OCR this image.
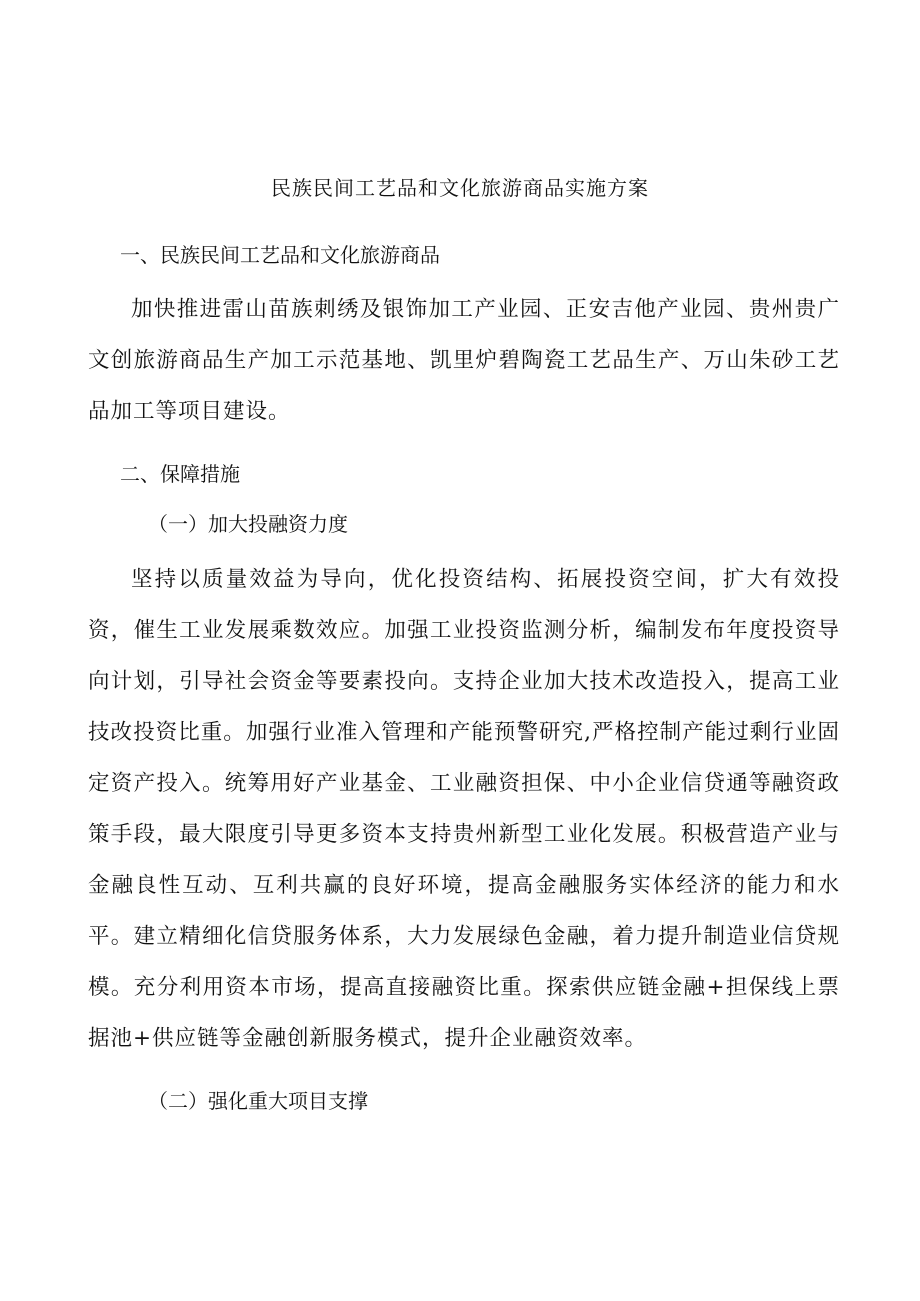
民族民间工艺品和文化旅游商品实施方案
一、民族民间工艺品和文化旅游商品

加快推进雷山苗族刺绣及银饰加工产业园、正安吉他产业园、贵州贵广文创旅游商品生产加工示范基地、凯里炉碧陶瓷工艺品生产、万山朱砂工艺品加工等项目建设。

二、保障措施
（一）加大投融资力度

坚持以质量效益为导向，优化投资结构、拓展投资空间，扩大有效投资，催生工业发展乘数效应。加强工业投资监测分析，编制发布年度投资导向计划，引导社会资金等要素投向。支持企业加大技术改造投入，提高工业技改投资比重。加强行业准入管理和产能预警研究,严格控制产能过剩行业固定资产投入。统筹用好产业基金、工业融资担保、中小企业信贷通等融资政策手段，最大限度引导更多资本支持贵州新型工业化发展。积极营造产业与金融良性互动、互利共赢的良好环境，提高金融服务实体经济的能力和水平。建立精细化信贷服务体系，大力发展绿色金融，着力提升制造业信贷规模。充分利用资本市场，提高直接融资比重。探索供应链金融+担保线上票据池+供应链等金融创新服务模式，提升企业融资效率。

（二）强化重大项目支撑
